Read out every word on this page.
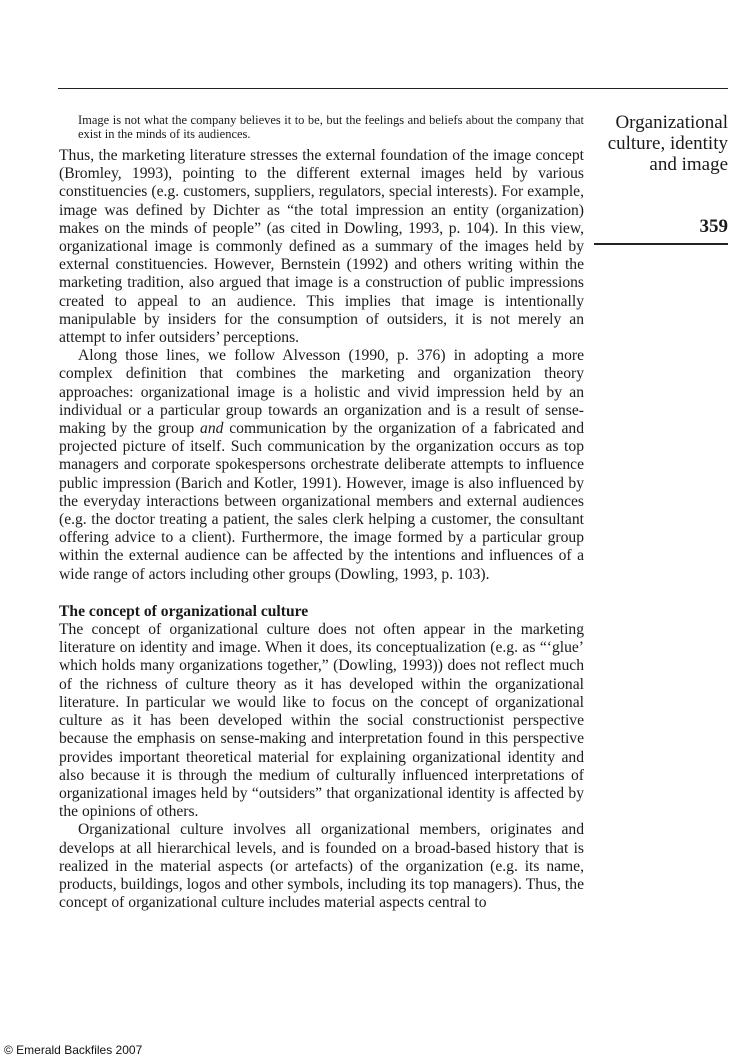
Organizational
culture, identity
and image
359

Image is not what the company believes it to be, but the feelings and beliefs about the company that exist in the minds of its audiences.

Thus, the marketing literature stresses the external foundation of the image concept (Bromley, 1993), pointing to the different external images held by various constituencies (e.g. customers, suppliers, regulators, special interests). For example, image was defined by Dichter as “the total impression an entity (organization) makes on the minds of people” (as cited in Dowling, 1993, p. 104). In this view, organizational image is commonly defined as a summary of the images held by external constituencies. However, Bernstein (1992) and others writing within the marketing tradition, also argued that image is a construction of public impressions created to appeal to an audience. This implies that image is intentionally manipulable by insiders for the consumption of outsiders, it is not merely an attempt to infer outsiders’ perceptions.

Along those lines, we follow Alvesson (1990, p. 376) in adopting a more complex definition that combines the marketing and organization theory approaches: organizational image is a holistic and vivid impression held by an individual or a particular group towards an organization and is a result of sense-making by the group and communication by the organization of a fabricated and projected picture of itself. Such communication by the organization occurs as top managers and corporate spokespersons orchestrate deliberate attempts to influence public impression (Barich and Kotler, 1991). However, image is also influenced by the everyday interactions between organizational members and external audiences (e.g. the doctor treating a patient, the sales clerk helping a customer, the consultant offering advice to a client). Furthermore, the image formed by a particular group within the external audience can be affected by the intentions and influences of a wide range of actors including other groups (Dowling, 1993, p. 103).

The concept of organizational culture

The concept of organizational culture does not often appear in the marketing literature on identity and image. When it does, its conceptualization (e.g. as “‘glue’ which holds many organizations together,” (Dowling, 1993)) does not reflect much of the richness of culture theory as it has developed within the organizational literature. In particular we would like to focus on the concept of organizational culture as it has been developed within the social constructionist perspective because the emphasis on sense-making and interpretation found in this perspective provides important theoretical material for explaining organizational identity and also because it is through the medium of culturally influenced interpretations of organizational images held by “outsiders” that organizational identity is affected by the opinions of others.

Organizational culture involves all organizational members, originates and develops at all hierarchical levels, and is founded on a broad-based history that is realized in the material aspects (or artefacts) of the organization (e.g. its name, products, buildings, logos and other symbols, including its top managers). Thus, the concept of organizational culture includes material aspects central to

© Emerald Backfiles 2007
